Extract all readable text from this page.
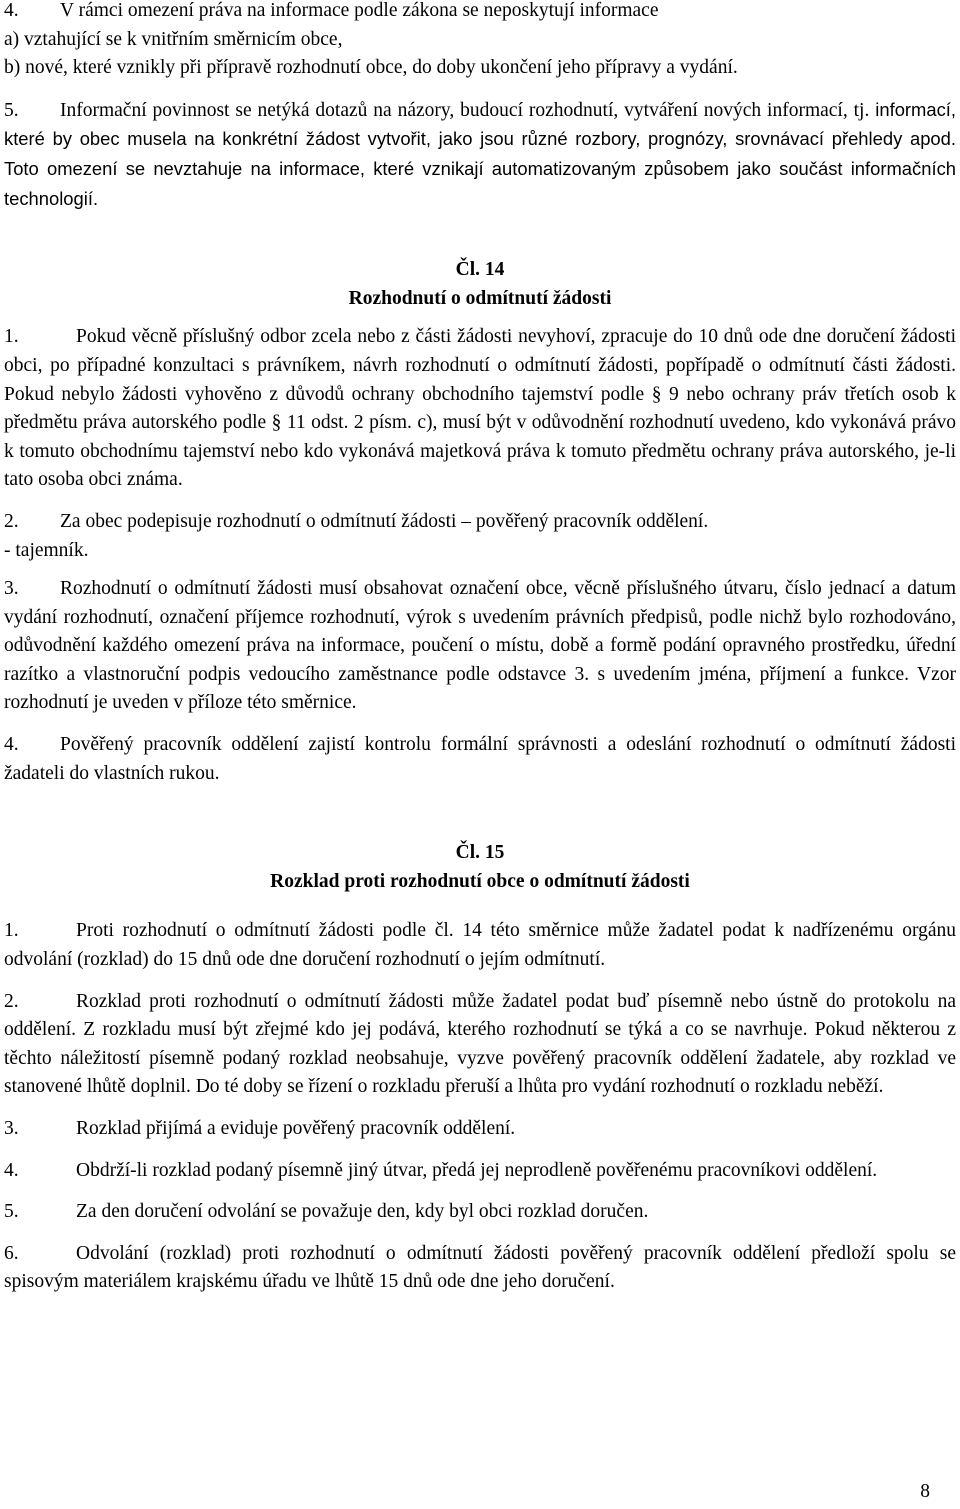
4. V rámci omezení práva na informace podle zákona se neposkytují informace

a) vztahující se k vnitřním směrnicím obce,

b) nové, které vznikly při přípravě rozhodnutí obce, do doby ukončení jeho přípravy a vydání.

5. Informační povinnost se netýká dotazů na názory, budoucí rozhodnutí, vytváření nových informací, tj. informací, které by obec musela na konkrétní žádost vytvořit, jako jsou různé rozbory, prognózy, srovnávací přehledy apod. Toto omezení se nevztahuje na informace, které vznikají automatizovaným způsobem jako součást informačních technologií.

Čl. 14

Rozhodnutí o odmítnutí žádosti

1.	Pokud věcně příslušný odbor zcela nebo z části žádosti nevyhoví, zpracuje do 10 dnů ode dne doručení žádosti obci, po případné konzultaci s právníkem, návrh rozhodnutí o odmítnutí žádosti, popřípadě o odmítnutí části žádosti. Pokud nebylo žádosti vyhověno z důvodů ochrany obchodního tajemství podle § 9 nebo ochrany práv třetích osob k předmětu práva autorského podle § 11 odst. 2 písm. c), musí být v odůvodnění rozhodnutí uvedeno, kdo vykonává právo k tomuto obchodnímu tajemství nebo kdo vykonává majetková práva k tomuto předmětu ochrany práva autorského, je-li tato osoba obci známa.

2. Za obec podepisuje rozhodnutí o odmítnutí žádosti – pověřený pracovník oddělení.

- tajemník.

3. Rozhodnutí o odmítnutí žádosti musí obsahovat označení obce, věcně příslušného útvaru, číslo jednací a datum vydání rozhodnutí, označení příjemce rozhodnutí, výrok s uvedením právních předpisů, podle nichž bylo rozhodováno, odůvodnění každého omezení práva na informace, poučení o místu, době a formě podání opravného prostředku, úřední razítko a vlastnoruční podpis vedoucího zaměstnance podle odstavce 3. s uvedením jména, příjmení a funkce. Vzor rozhodnutí je uveden v příloze této směrnice.

4. Pověřený pracovník oddělení zajistí kontrolu formální správnosti a odeslání rozhodnutí o odmítnutí žádosti žadateli do vlastních rukou.

Čl. 15

Rozklad proti rozhodnutí obce o odmítnutí žádosti

1.	Proti rozhodnutí o odmítnutí žádosti podle čl. 14 této směrnice může žadatel podat k nadřízenému orgánu odvolání (rozklad) do 15 dnů ode dne doručení rozhodnutí o jejím odmítnutí.

2.	Rozklad proti rozhodnutí o odmítnutí žádosti může žadatel podat buď písemně nebo ústně do protokolu na oddělení. Z rozkladu musí být zřejmé kdo jej podává, kterého rozhodnutí se týká a co se navrhuje. Pokud některou z těchto náležitostí písemně podaný rozklad neobsahuje, vyzve pověřený pracovník oddělení žadatele, aby rozklad ve stanovené lhůtě doplnil. Do té doby se řízení o rozkladu přeruší a lhůta pro vydání rozhodnutí o rozkladu neběží.

3.	Rozklad přijímá a eviduje pověřený pracovník oddělení.

4.	Obdrží-li rozklad podaný písemně jiný útvar, předá jej neprodleně pověřenému pracovníkovi oddělení.

5.	Za den doručení odvolání se považuje den, kdy byl obci rozklad doručen.

6.	Odvolání (rozklad) proti rozhodnutí o odmítnutí žádosti pověřený pracovník oddělení předloží spolu se spisovým materiálem krajskému úřadu ve lhůtě 15 dnů ode dne jeho doručení.

8
